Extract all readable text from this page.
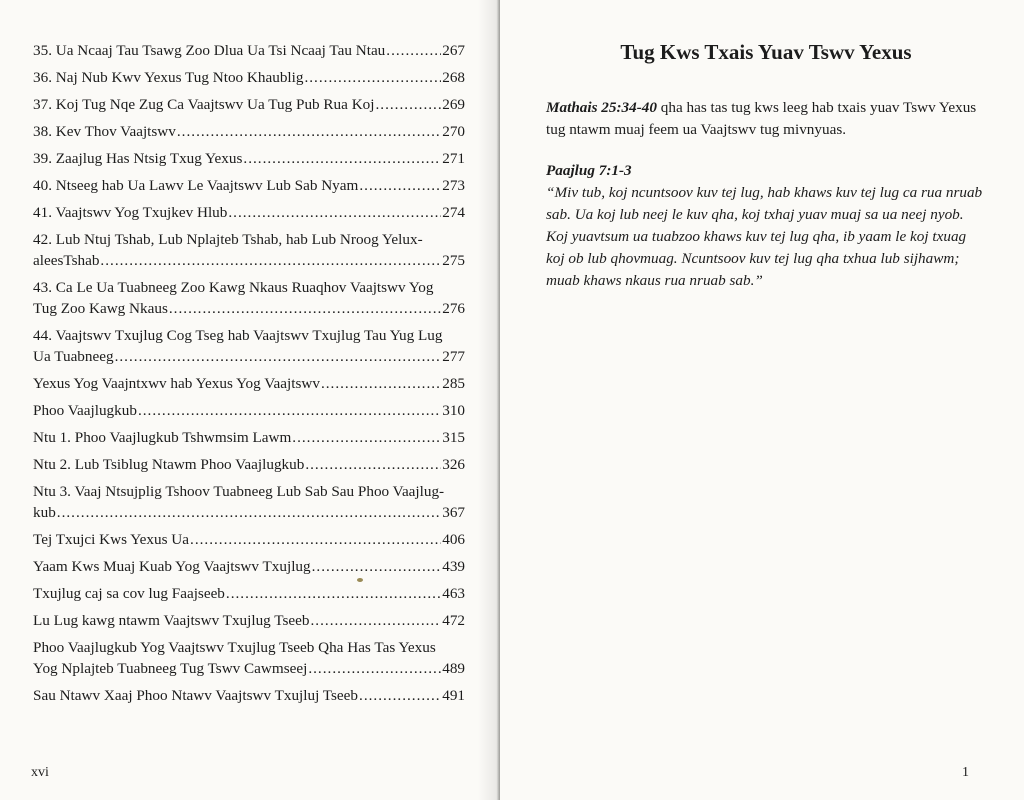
35. Ua Ncaaj Tau Tsawg Zoo Dlua Ua Tsi Ncaaj Tau Ntau .....	267
36. Naj Nub Kwv Yexus Tug Ntoo Khaublig .....	268
37. Koj Tug Nqe Zug Ca Vaajtswv Ua Tug Pub Rua Koj .....	269
38. Kev Thov Vaajtswv .....	270
39. Zaajlug Has Ntsig Txug Yexus .....	271
40. Ntseeg hab Ua Lawv Le Vaajtswv Lub Sab Nyam .....	273
41. Vaajtswv Yog Txujkev Hlub .....	274
42. Lub Ntuj Tshab, Lub Nplajteb Tshab, hab Lub Nroog Yelux-
aleesTshab .....	275
43. Ca Le Ua Tuabneeg Zoo Kawg Nkaus Ruaqhov Vaajtswv Yog
Tug Zoo Kawg Nkaus .....	276
44. Vaajtswv Txujlug Cog Tseg hab Vaajtswv Txujlug Tau Yug Lug
Ua Tuabneeg .....	277
Yexus Yog Vaajntxwv hab Yexus Yog Vaajtswv .....	285
Phoo Vaajlugkub .....	310
Ntu 1. Phoo Vaajlugkub Tshwmsim Lawm .....	315
Ntu 2. Lub Tsiblug Ntawm Phoo Vaajlugkub .....	326
Ntu 3. Vaaj Ntsujplig Tshoov Tuabneeg Lub Sab Sau Phoo Vaajlug-
kub .....	367
Tej Txujci Kws Yexus Ua .....	406
Yaam Kws Muaj Kuab Yog Vaajtswv Txujlug .....	439
Txujlug caj sa cov lug Faajseeb .....	463
Lu Lug kawg ntawm Vaajtswv Txujlug Tseeb .....	472
Phoo Vaajlugkub Yog Vaajtswv Txujlug Tseeb Qha Has Tas Yexus
Yog Nplajteb Tuabneeg Tug Tswv Cawmseej .....	489
Sau Ntawv Xaaj Phoo Ntawv Vaajtswv Txujluj Tseeb .....	491
xvi
Tug Kws Txais Yuav Tswv Yexus
Mathais 25:34-40 qha has tas tug kws leeg hab txais yuav Tswv Yexus tug ntawm muaj feem ua Vaajtswv tug mivnyuas.
Paajlug 7:1-3
“Miv tub, koj ncuntsoov kuv tej lug, hab khaws kuv tej lug ca rua nruab sab. Ua koj lub neej le kuv qha, koj txhaj yuav muaj sa ua neej nyob. Koj yuavtsum ua tuabzoo khaws kuv tej lug qha, ib yaam le koj txuag koj ob lub qhovmuag. Ncuntsoov kuv tej lug qha txhua lub sijhawm; muab khaws nkaus rua nruab sab.”
1
